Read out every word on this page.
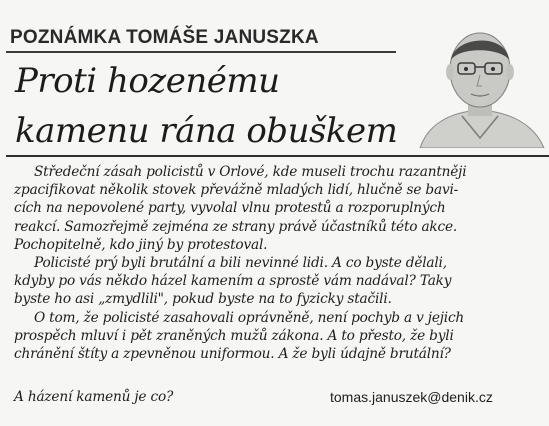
POZNÁMKA TOMÁŠE JANUSZKA
Proti hozenému
kamenu rána obuškem
Středeční zásah policistů v Orlové, kde museli trochu razantněji
zpacifikovat několik stovek převážně mladých lidí, hlučně se bavi-
cích na nepovolené party, vyvolal vlnu protestů a rozporuplných
reakcí. Samozřejmě zejména ze strany právě účastníků této akce.
Pochopitelně, kdo jiný by protestoval.
Policisté prý byli brutální a bili nevinné lidi. A co byste dělali,
kdyby po vás někdo házel kamením a sprostě vám nadával? Taky
byste ho asi „zmydlili", pokud byste na to fyzicky stačili.
O tom, že policisté zasahovali oprávněně, není pochyb a v jejich
prospěch mluví i pět zraněných mužů zákona. A to přesto, že byli
chránění štíty a zpevněnou uniformou. A že byli údajně brutální?
A házení kamenů je co?	tomas.januszek@denik.cz
